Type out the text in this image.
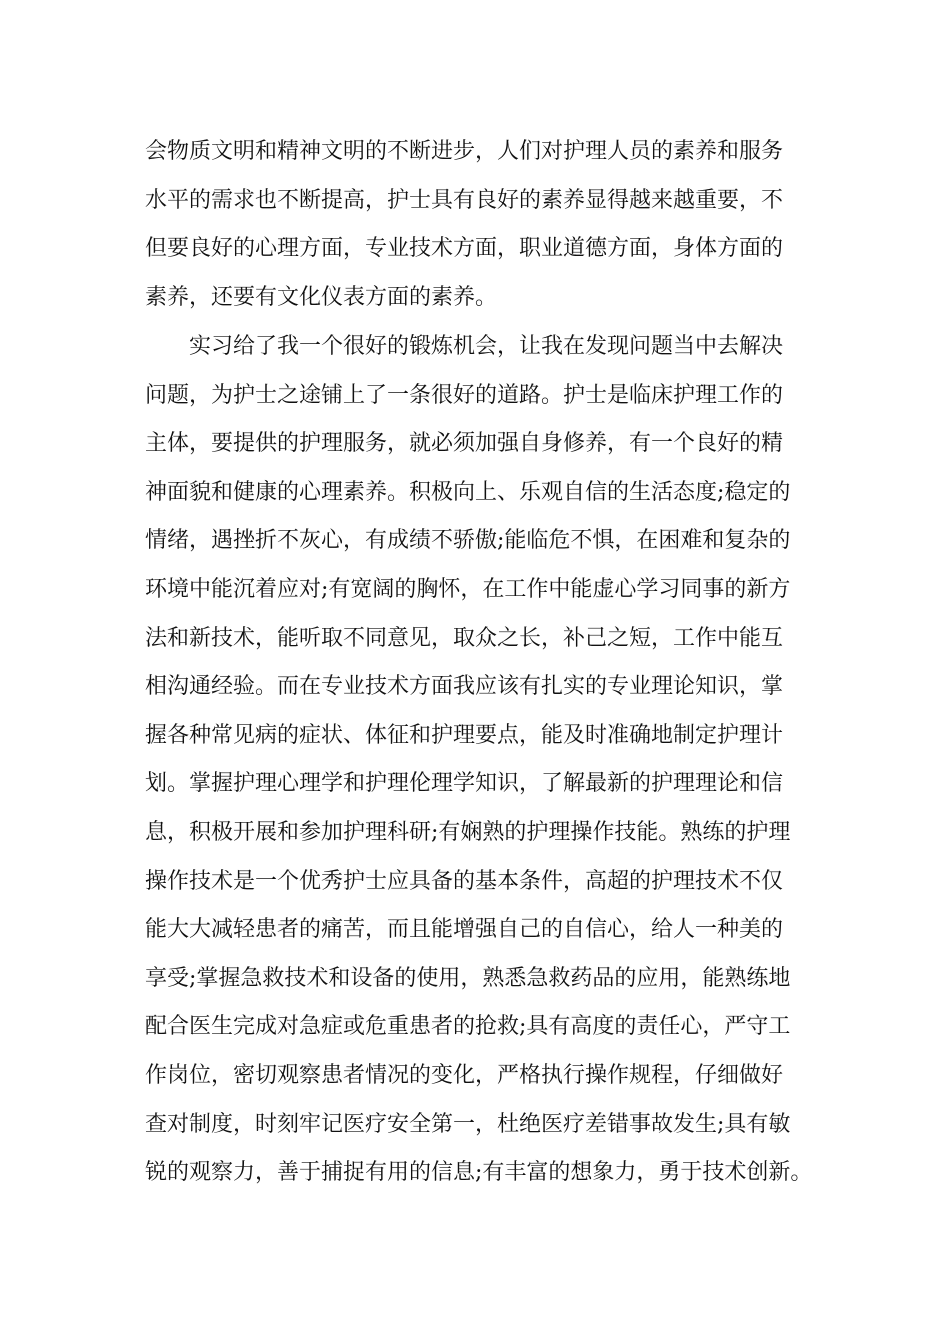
会物质文明和精神文明的不断进步，人们对护理人员的素养和服务
水平的需求也不断提高，护士具有良好的素养显得越来越重要，不
但要良好的心理方面，专业技术方面，职业道德方面，身体方面的
素养，还要有文化仪表方面的素养。
　　实习给了我一个很好的锻炼机会，让我在发现问题当中去解决
问题，为护士之途铺上了一条很好的道路。护士是临床护理工作的
主体，要提供的护理服务，就必须加强自身修养，有一个良好的精
神面貌和健康的心理素养。积极向上、乐观自信的生活态度;稳定的
情绪，遇挫折不灰心，有成绩不骄傲;能临危不惧，在困难和复杂的
环境中能沉着应对;有宽阔的胸怀，在工作中能虚心学习同事的新方
法和新技术，能听取不同意见，取众之长，补己之短，工作中能互
相沟通经验。而在专业技术方面我应该有扎实的专业理论知识，掌
握各种常见病的症状、体征和护理要点，能及时准确地制定护理计
划。掌握护理心理学和护理伦理学知识，了解最新的护理理论和信
息，积极开展和参加护理科研;有娴熟的护理操作技能。熟练的护理
操作技术是一个优秀护士应具备的基本条件，高超的护理技术不仅
能大大减轻患者的痛苦，而且能增强自己的自信心，给人一种美的
享受;掌握急救技术和设备的使用，熟悉急救药品的应用，能熟练地
配合医生完成对急症或危重患者的抢救;具有高度的责任心，严守工
作岗位，密切观察患者情况的变化，严格执行操作规程，仔细做好
查对制度，时刻牢记医疗安全第一，杜绝医疗差错事故发生;具有敏
锐的观察力，善于捕捉有用的信息;有丰富的想象力，勇于技术创新。
